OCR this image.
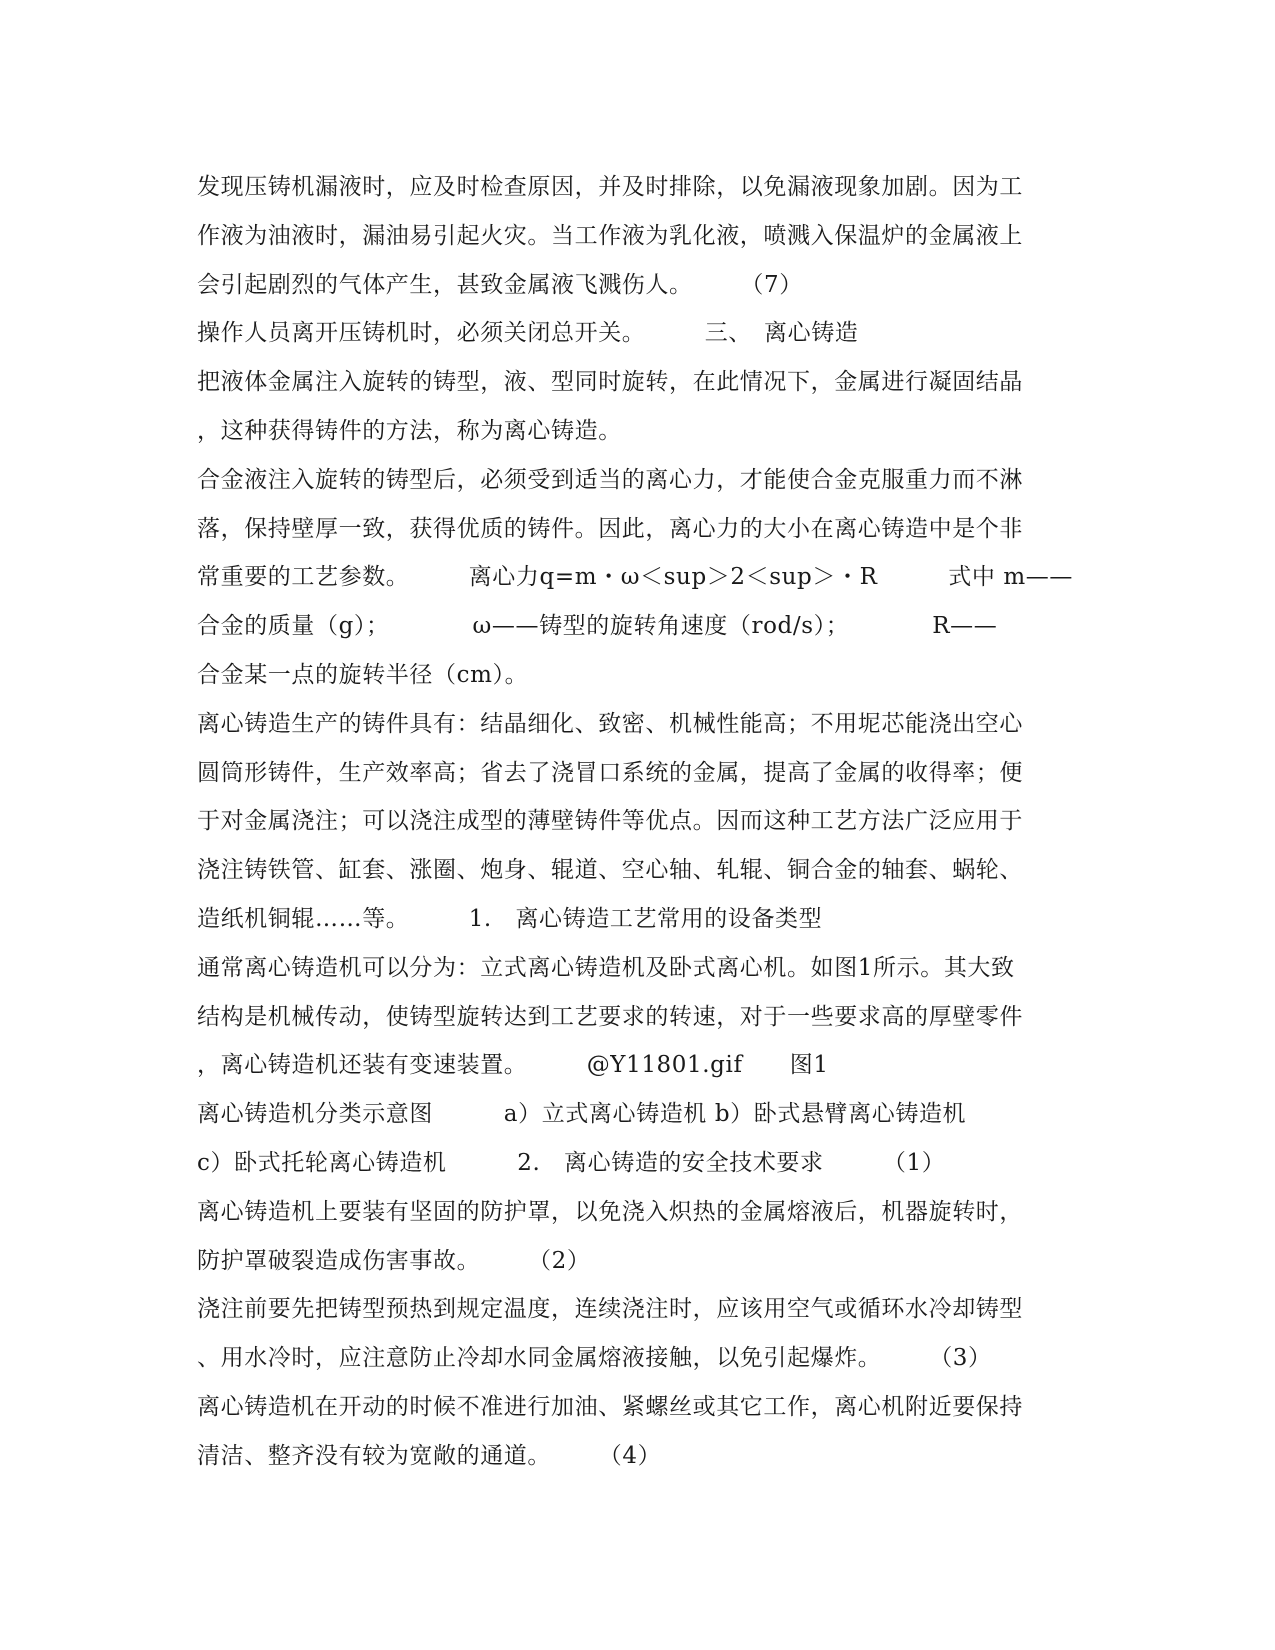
发现压铸机漏液时，应及时检查原因，并及时排除，以免漏液现象加剧。因为工
作液为油液时，漏油易引起火灾。当工作液为乳化液，喷溅入保温炉的金属液上
会引起剧烈的气体产生，甚致金属液飞溅伤人。　　　（7）
操作人员离开压铸机时，必须关闭总开关。　　　三、　离心铸造
把液体金属注入旋转的铸型，液、型同时旋转，在此情况下，金属进行凝固结晶
，这种获得铸件的方法，称为离心铸造。
合金液注入旋转的铸型后，必须受到适当的离心力，才能使合金克服重力而不淋
落，保持壁厚一致，获得优质的铸件。因此，离心力的大小在离心铸造中是个非
常重要的工艺参数。　　　离心力q=m・ω＜sup＞2＜sup＞・R　　　式中 m——
合金的质量（g）；　　　　ω——铸型的旋转角速度（rod/s）；　　　　R——
合金某一点的旋转半径（cm）。
离心铸造生产的铸件具有：结晶细化、致密、机械性能高；不用坭芯能浇出空心
圆筒形铸件，生产效率高；省去了浇冒口系统的金属，提高了金属的收得率；便
于对金属浇注；可以浇注成型的薄壁铸件等优点。因而这种工艺方法广泛应用于
浇注铸铁管、缸套、涨圈、炮身、辊道、空心轴、轧辊、铜合金的轴套、蜗轮、
造纸机铜辊……等。　　　1.　离心铸造工艺常用的设备类型
通常离心铸造机可以分为：立式离心铸造机及卧式离心机。如图1所示。其大致
结构是机械传动，使铸型旋转达到工艺要求的转速，对于一些要求高的厚壁零件
，离心铸造机还装有变速装置。　　　@Y11801.gif　　图1
离心铸造机分类示意图　　　a）立式离心铸造机 b）卧式悬臂离心铸造机
c）卧式托轮离心铸造机　　　2.　离心铸造的安全技术要求　　　（1）
离心铸造机上要装有坚固的防护罩，以免浇入炽热的金属熔液后，机器旋转时，
防护罩破裂造成伤害事故。　　　（2）
浇注前要先把铸型预热到规定温度，连续浇注时，应该用空气或循环水冷却铸型
、用水冷时，应注意防止冷却水同金属熔液接触，以免引起爆炸。　　　（3）
离心铸造机在开动的时候不准进行加油、紧螺丝或其它工作，离心机附近要保持
清洁、整齐没有较为宽敞的通道。　　　（4）
